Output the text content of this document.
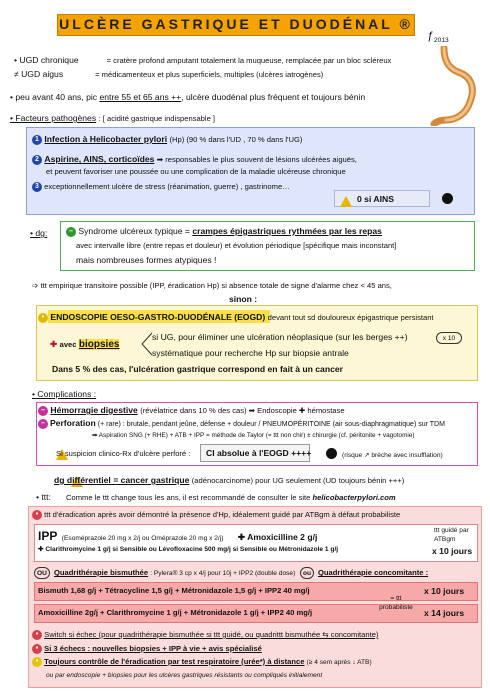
ULCÈRE GASTRIQUE ET DUODÉNAL ®
ƒ 2013
• UGD chronique	= cratère profond amputant totalement la muqueuse, remplacée par un bloc scléreux
≠ UGD aigus	= médicamenteux et plus superficiels, multiples (ulcères iatrogènes)
• peu avant 40 ans, pic entre 55 et 65 ans ++, ulcère duodénal plus fréquent et toujours bénin
• Facteurs pathogènes : [ acidité gastrique indispensable ]
1 Infection à Helicobacter pylori (Hp) (90 % dans l'UD , 70 % dans l'UG)
2 Aspirine, AINS, corticoïdes ➡ responsables le plus souvent de lésions ulcérées aiguës,
et peuvent favoriser une poussée ou une complication de la maladie ulcéreuse chronique
3 exceptionnellement ulcère de stress (réanimation, guerre) , gastrinome…

0 si AINS
• dg:	– Syndrome ulcéreux typique = crampes épigastriques rythmées par les repas
avec intervalle libre (entre repas et douleur) et évolution périodique [spécifique mais inconstant]
mais nombreuses formes atypiques !
➩ ttt empirique transitoire possible (IPP, éradication Hp) si absence totale de signe d'alarme chez < 45 ans,
sinon :
• ENDOSCOPIE OESO-GASTRO-DUODÉNALE (EOGD) devant tout sd douloureux épigastrique persistant
✚ avec biopsies
si UG, pour éliminer une ulcération néoplasique (sur les berges ++)	x 10
systématique pour recherche Hp sur biopsie antrale
Dans 5 % des cas, l'ulcération gastrique correspond en fait à un cancer
• Complications :
– Hémorragie digestive (révélatrice dans 10 % des cas) ➡ Endoscopie ✚ hémostase
– Perforation (+ rare) : brutale, pendant jeûne, défense + douleur / PNEUMOPÉRITOINE (air sous-diaphragmatique) sur TDM
➡ Aspiration SNG (+ RHE) + ATB + IPP = méthode de Taylor (= ttt non chir) ± chirurgie (cf. péritonite + vagotomie)

Si suspicion clinico-Rx d'ulcère perforé : CI absolue à l'EOGD ++++	(risque ↗ brèche avec insufflation)
dg différentiel = cancer gastrique (adénocarcinome) pour UG seulement (UD toujours bénin +++)
• ttt: Comme le ttt change tous les ans, il est recommandé de consulter le site helicobacterpylori.com
• ttt d'éradication après avoir démontré la présence d'Hp, idéalement guidé par ATBgm à défaut probabiliste
IPP (Esoméprazole 20 mg x 2/j ou Oméprazole 20 mg x 2/j) ✚ Amoxicilline 2 g/j
✚ Clarithromycine 1 g/j si Sensible ou Lévofloxacine 500 mg/j si Sensible ou Métronidazole 1 g/j
ttt guidé par ATBgm
x 10 jours
OU Quadrithérapie bismuthée : Pylera® 3 cp x 4/j pour 10j + IPP2 (double dose)	ou Quadrithérapie concomitante :
Bismuth 1,68 g/j + Tétracycline 1,5 g/j + Métronidazole 1,5 g/j + IPP2 40 mg/j	x 10 jours
Amoxicilline 2g/j + Clarithromycine 1 g/j + Métronidazole 1 g/j + IPP2 40 mg/j
= ttt probabiliste
x 14 jours
• Switch si échec (pour quadrithérapie bismuthée si ttt guidé, ou quadrittt bismuthée ⇆ concomitante)
• Si 3 échecs : nouvelles biopsies + IPP à vie + avis spécialisé
• Toujours contrôle de l'éradication par test respiratoire (urée*) à distance (≥ 4 sem après ↓ ATB)
ou par endoscopie + biopsies pour les ulcères gastriques résistants ou compliqués initialement
